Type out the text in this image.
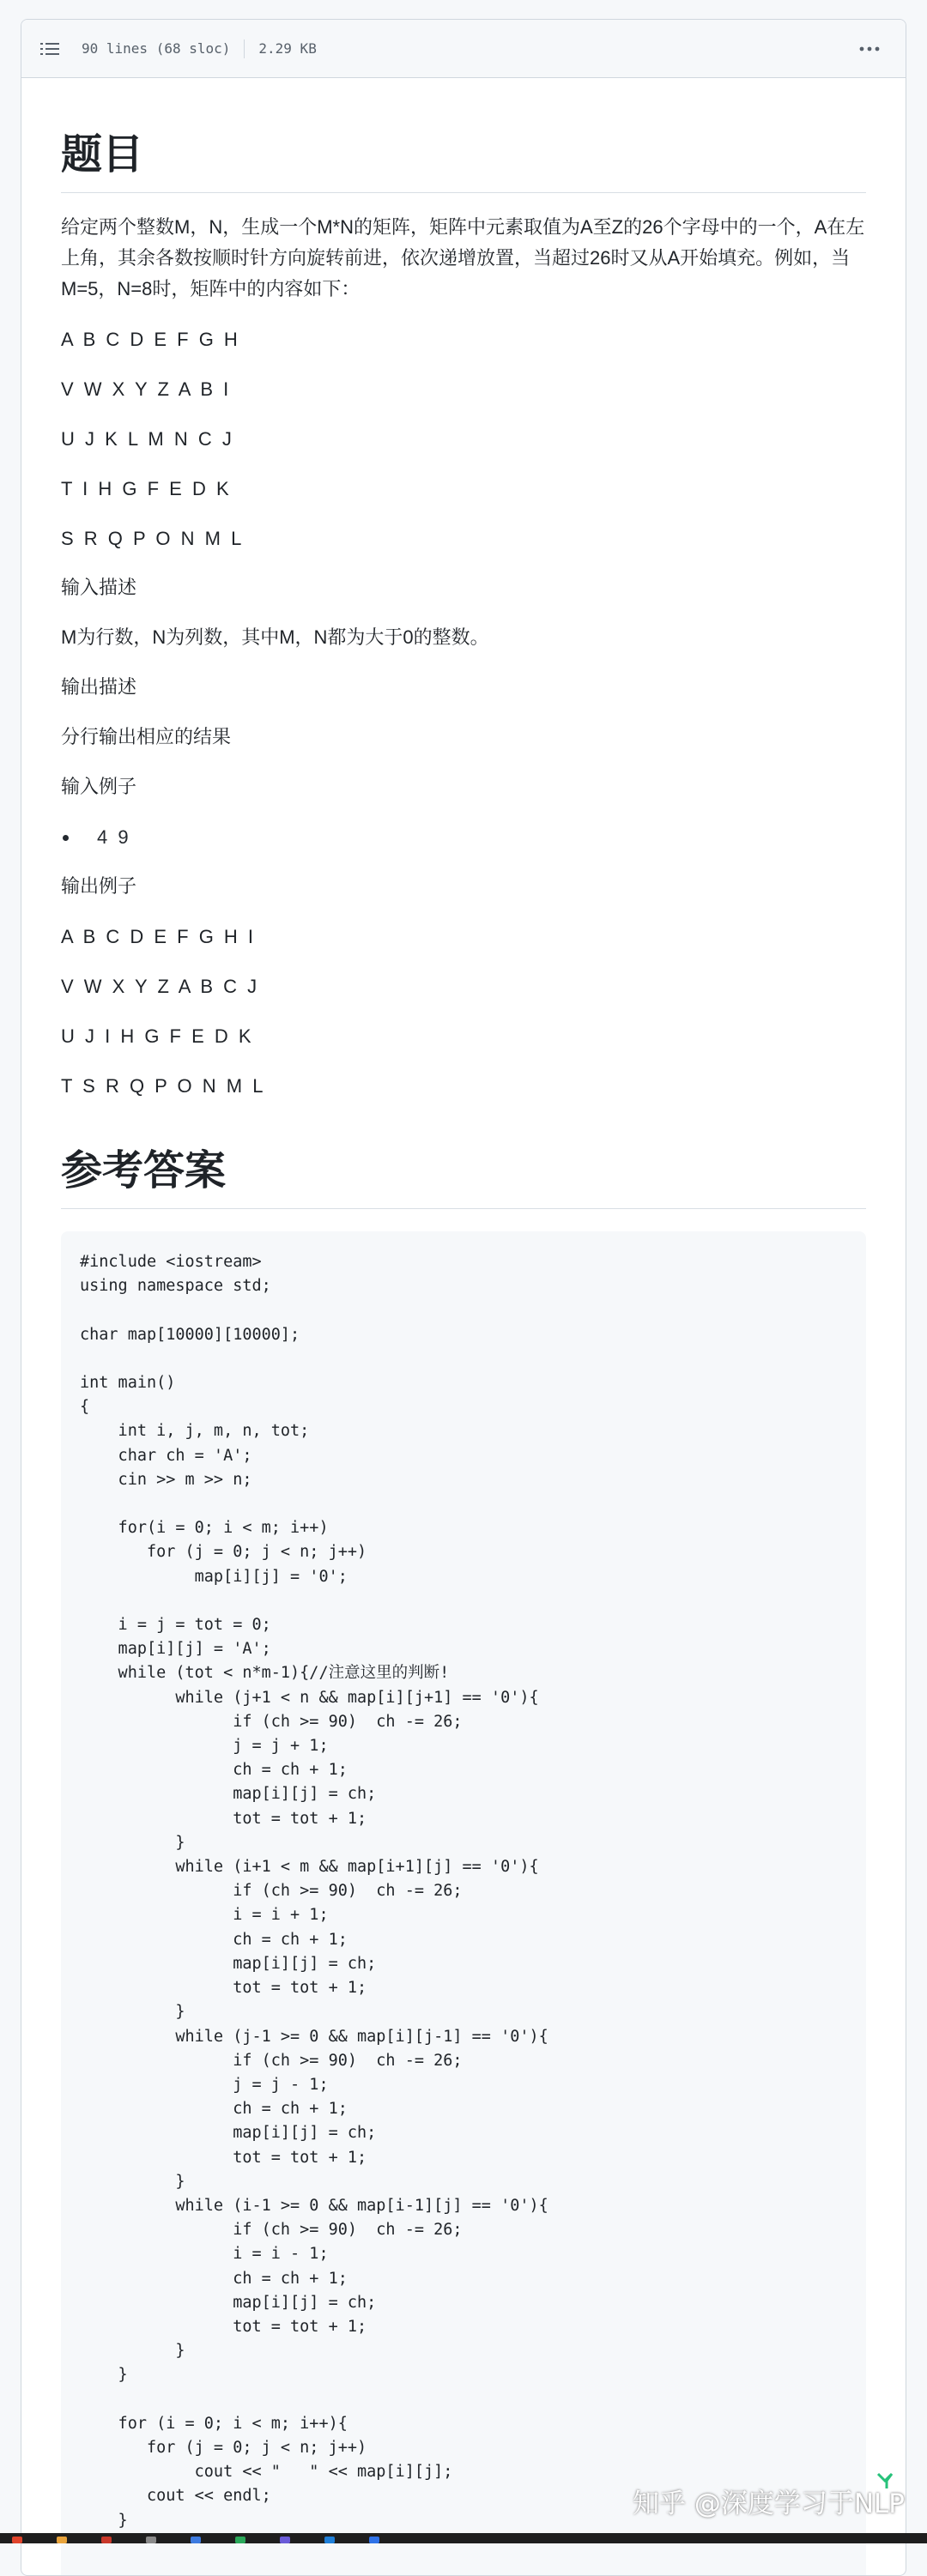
90 lines (68 sloc) 2.29 KB
题目

给定两个整数M，N，生成一个M*N的矩阵，矩阵中元素取值为A至Z的26个字母中的一个，A在左上角，其余各数按顺时针方向旋转前进，依次递增放置，当超过26时又从A开始填充。例如，当M=5，N=8时，矩阵中的内容如下：

A B C D E F G H

V W X Y Z A B I

U J K L M N C J

T I H G F E D K

S R Q P O N M L

输入描述

M为行数，N为列数，其中M，N都为大于0的整数。

输出描述

分行输出相应的结果

输入例子

• 4 9

输出例子

A B C D E F G H I

V W X Y Z A B C J

U J I H G F E D K

T S R Q P O N M L

参考答案
#include <iostream>
using namespace std;

char map[10000][10000];

int main()
{
int i, j, m, n, tot;
char ch = 'A';
cin >> m >> n;

for(i = 0; i < m; i++)
for (j = 0; j < n; j++)
map[i][j] = '0';

i = j = tot = 0;
map[i][j] = 'A';
while (tot < n*m-1){//注意这里的判断!
while (j+1 < n && map[i][j+1] == '0'){
if (ch >= 90)  ch -= 26;
j = j + 1;
ch = ch + 1;
map[i][j] = ch;
tot = tot + 1;
}
while (i+1 < m && map[i+1][j] == '0'){
if (ch >= 90)  ch -= 26;
i = i + 1;
ch = ch + 1;
map[i][j] = ch;
tot = tot + 1;
}
while (j-1 >= 0 && map[i][j-1] == '0'){
if (ch >= 90)  ch -= 26;
j = j - 1;
ch = ch + 1;
map[i][j] = ch;
tot = tot + 1;
}
while (i-1 >= 0 && map[i-1][j] == '0'){
if (ch >= 90)  ch -= 26;
i = i - 1;
ch = ch + 1;
map[i][j] = ch;
tot = tot + 1;
}
}

for (i = 0; i < m; i++){
for (j = 0; j < n; j++)
cout << "   " << map[i][j];
cout << endl;
}
知乎 @深度学习于NLP
